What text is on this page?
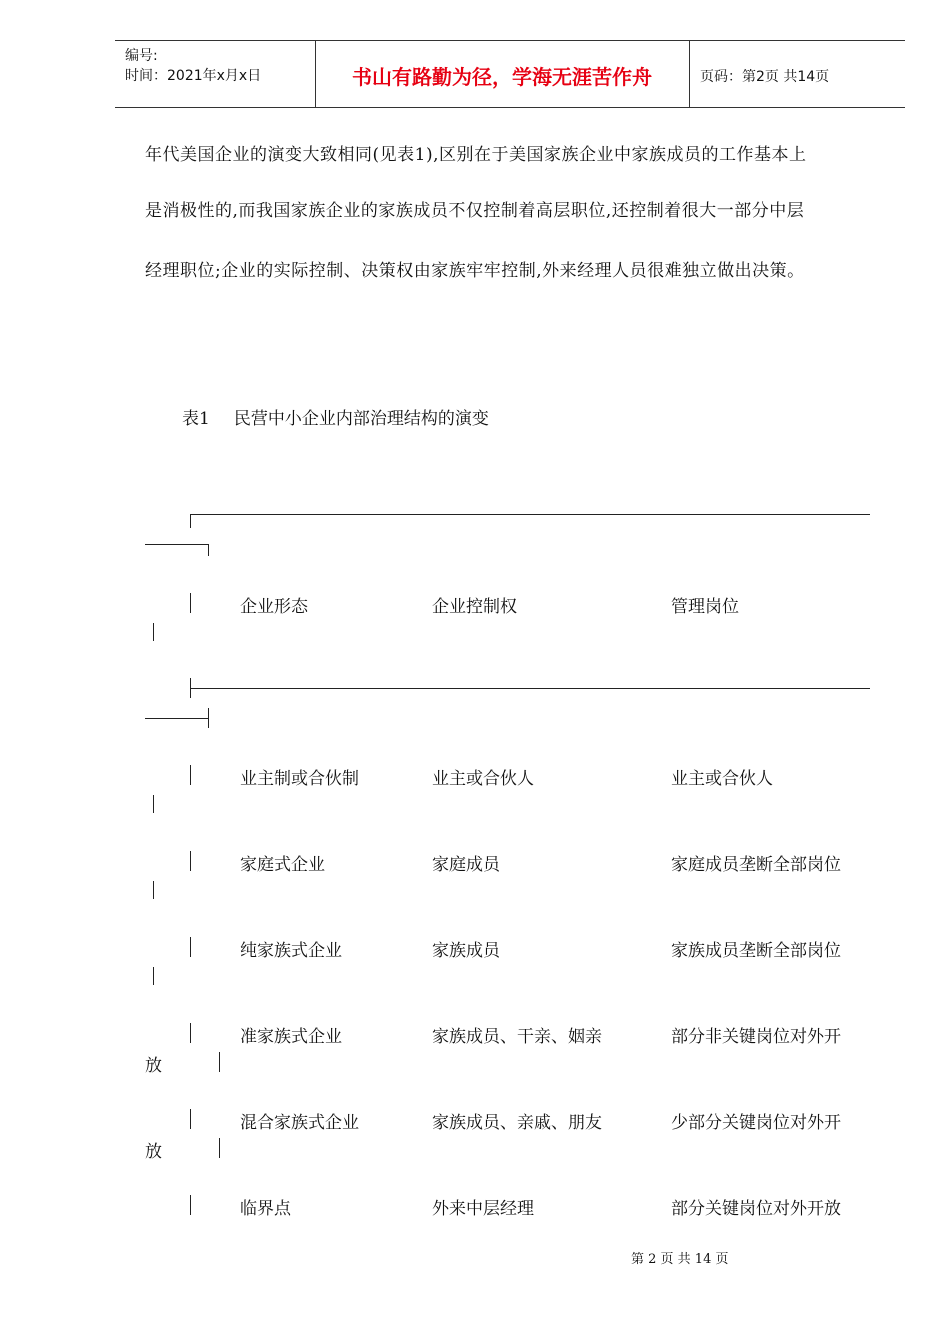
编号:
时间：2021年x月x日	书山有路勤为径，学海无涯苦作舟	页码：第2页 共14页
年代美国企业的演变大致相同(见表1),区别在于美国家族企业中家族成员的工作基本上
是消极性的,而我国家族企业的家族成员不仅控制着高层职位,还控制着很大一部分中层
经理职位;企业的实际控制、决策权由家族牢牢控制,外来经理人员很难独立做出决策。
表1 民营中小企业内部治理结构的演变
企业形态	企业控制权	管理岗位
业主制或合伙制	业主或合伙人	业主或合伙人
家庭式企业	家庭成员	家庭成员垄断全部岗位
纯家族式企业	家族成员	家族成员垄断全部岗位
准家族式企业	家族成员、干亲、姻亲	部分非关键岗位对外开
放
混合家族式企业	家族成员、亲戚、朋友	少部分关键岗位对外开
放
临界点	外来中层经理	部分关键岗位对外开放
第 2 页 共 14 页
